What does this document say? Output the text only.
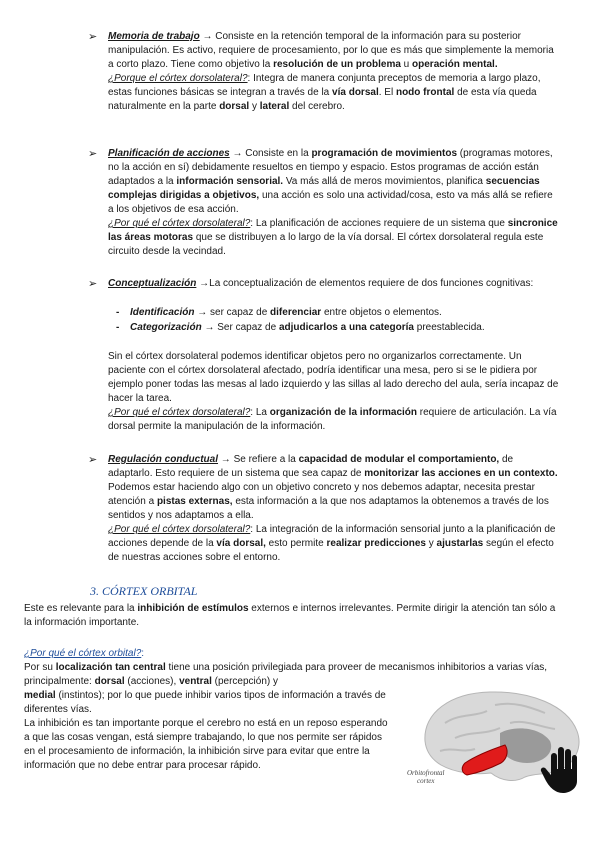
➢ Memoria de trabajo → Consiste en la retención temporal de la información para su posterior manipulación. Es activo, requiere de procesamiento, por lo que es más que simplemente la memoria a corto plazo. Tiene como objetivo la resolución de un problema u operación mental.
¿Porque el córtex dorsolateral?: Integra de manera conjunta preceptos de memoria a largo plazo, estas funciones básicas se integran a través de la vía dorsal. El nodo frontal de esta vía queda naturalmente en la parte dorsal y lateral del cerebro.

➢ Planificación de acciones → Consiste en la programación de movimientos (programas motores, no la acción en sí) debidamente resueltos en tiempo y espacio. Estos programas de acción están adaptados a la información sensorial. Va más allá de meros movimientos, planifica secuencias complejas dirigidas a objetivos, una acción es solo una actividad/cosa, esto va más allá se refiere a los objetivos de esa acción.
¿Por qué el córtex dorsolateral?: La planificación de acciones requiere de un sistema que sincronice las áreas motoras que se distribuyen a lo largo de la vía dorsal. El córtex dorsolateral regula este circuito desde la vecindad.

➢ Conceptualización →La conceptualización de elementos requiere de dos funciones cognitivas:

- Identificación → ser capaz de diferenciar entre objetos o elementos.

- Categorización → Ser capaz de adjudicarlos a una categoría preestablecida.

Sin el córtex dorsolateral podemos identificar objetos pero no organizarlos correctamente. Un paciente con el córtex dorsolateral afectado, podría identificar una mesa, pero si se le pidiera por ejemplo poner todas las mesas al lado izquierdo y las sillas al lado derecho del aula, sería incapaz de hacer la tarea.
¿Por qué el córtex dorsolateral?: La organización de la información requiere de articulación. La vía dorsal permite la manipulación de la información.

➢ Regulación conductual → Se refiere a la capacidad de modular el comportamiento, de adaptarlo. Esto requiere de un sistema que sea capaz de monitorizar las acciones en un contexto. Podemos estar haciendo algo con un objetivo concreto y nos debemos adaptar, necesita prestar atención a pistas externas, esta información a la que nos adaptamos la obtenemos a través de los sentidos y nos adaptamos a ella.
¿Por qué el córtex dorsolateral?: La integración de la información sensorial junto a la planificación de acciones depende de la vía dorsal, esto permite realizar predicciones y ajustarlas según el efecto de nuestras acciones sobre el entorno.

3. CÓRTEX ORBITAL

Este es relevante para la inhibición de estímulos externos e internos irrelevantes. Permite dirigir la atención tan sólo a la información importante.

¿Por qué el córtex orbital?:

Por su localización tan central tiene una posición privilegiada para proveer de mecanismos inhibitorios a varias vías, principalmente: dorsal (acciones), ventral (percepción) y

medial (instintos); por lo que puede inhibir varios tipos de información a través de diferentes vías.
La inhibición es tan importante porque el cerebro no está en un reposo esperando a que las cosas vengan, está siempre trabajando, lo que nos permite ser rápidos en el procesamiento de información, la inhibición sirve para evitar que entre la información que no debe entrar para procesar rápido.

Orbitofrontal
cortex
